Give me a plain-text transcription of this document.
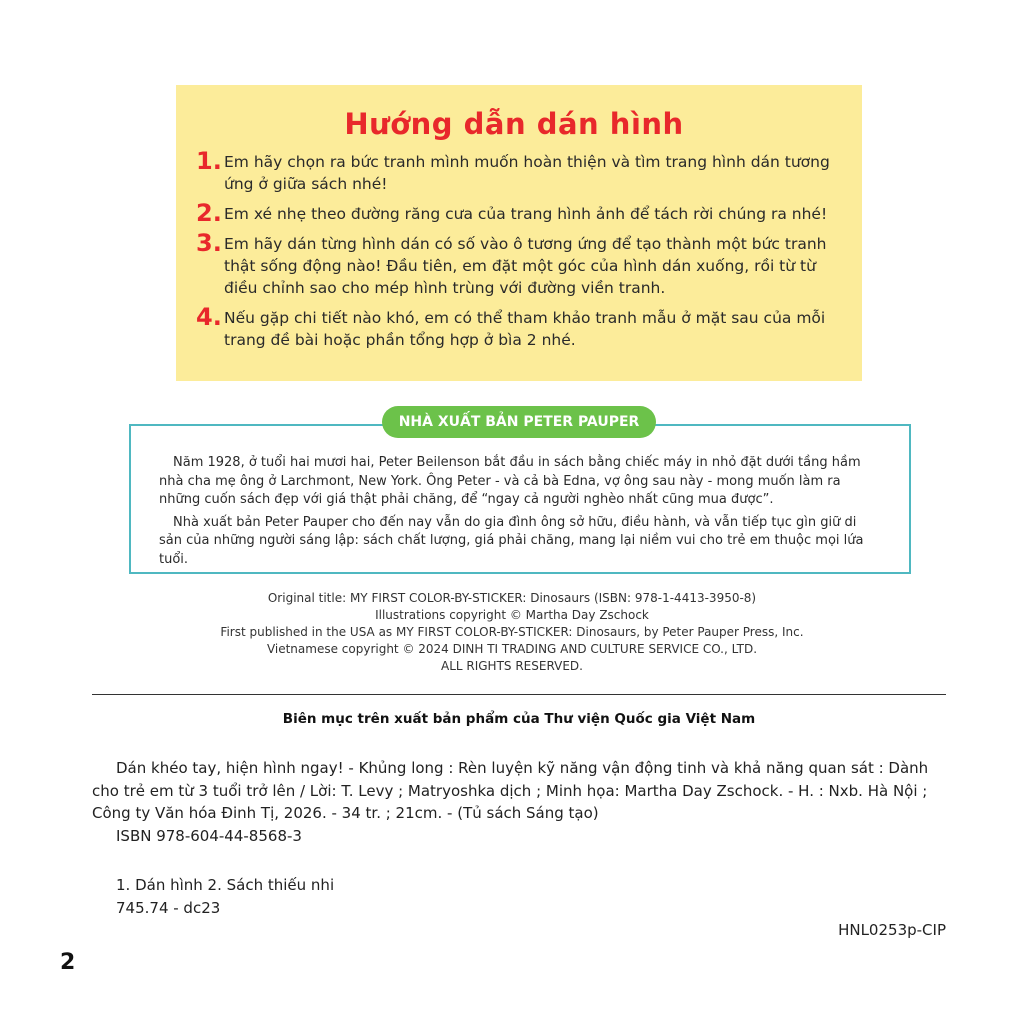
Hướng dẫn dán hình
1. Em hãy chọn ra bức tranh mình muốn hoàn thiện và tìm trang hình dán tương ứng ở giữa sách nhé!
2. Em xé nhẹ theo đường răng cưa của trang hình ảnh để tách rời chúng ra nhé!
3. Em hãy dán từng hình dán có số vào ô tương ứng để tạo thành một bức tranh thật sống động nào! Đầu tiên, em đặt một góc của hình dán xuống, rồi từ từ điều chỉnh sao cho mép hình trùng với đường viền tranh.
4. Nếu gặp chi tiết nào khó, em có thể tham khảo tranh mẫu ở mặt sau của mỗi trang đề bài hoặc phần tổng hợp ở bìa 2 nhé.

Năm 1928, ở tuổi hai mươi hai, Peter Beilenson bắt đầu in sách bằng chiếc máy in nhỏ đặt dưới tầng hầm nhà cha mẹ ông ở Larchmont, New York. Ông Peter - và cả bà Edna, vợ ông sau này - mong muốn làm ra những cuốn sách đẹp với giá thật phải chăng, để “ngay cả người nghèo nhất cũng mua được”.

Nhà xuất bản Peter Pauper cho đến nay vẫn do gia đình ông sở hữu, điều hành, và vẫn tiếp tục gìn giữ di sản của những người sáng lập: sách chất lượng, giá phải chăng, mang lại niềm vui cho trẻ em thuộc mọi lứa tuổi.

NHÀ XUẤT BẢN PETER PAUPER
Original title: MY FIRST COLOR-BY-STICKER: Dinosaurs (ISBN: 978-1-4413-3950-8)
Illustrations copyright © Martha Day Zschock
First published in the USA as MY FIRST COLOR-BY-STICKER: Dinosaurs, by Peter Pauper Press, Inc.
Vietnamese copyright © 2024 DINH TI TRADING AND CULTURE SERVICE CO., LTD.
ALL RIGHTS RESERVED.
Biên mục trên xuất bản phẩm của Thư viện Quốc gia Việt Nam

Dán khéo tay, hiện hình ngay! - Khủng long : Rèn luyện kỹ năng vận động tinh và khả năng quan sát : Dành cho trẻ em từ 3 tuổi trở lên / Lời: T. Levy ; Matryoshka dịch ; Minh họa: Martha Day Zschock. - H. : Nxb. Hà Nội ; Công ty Văn hóa Đinh Tị, 2026. - 34 tr. ; 21cm. - (Tủ sách Sáng tạo)

ISBN 978-604-44-8568-3

1. Dán hình 2. Sách thiếu nhi
745.74 - dc23
HNL0253p-CIP
2
